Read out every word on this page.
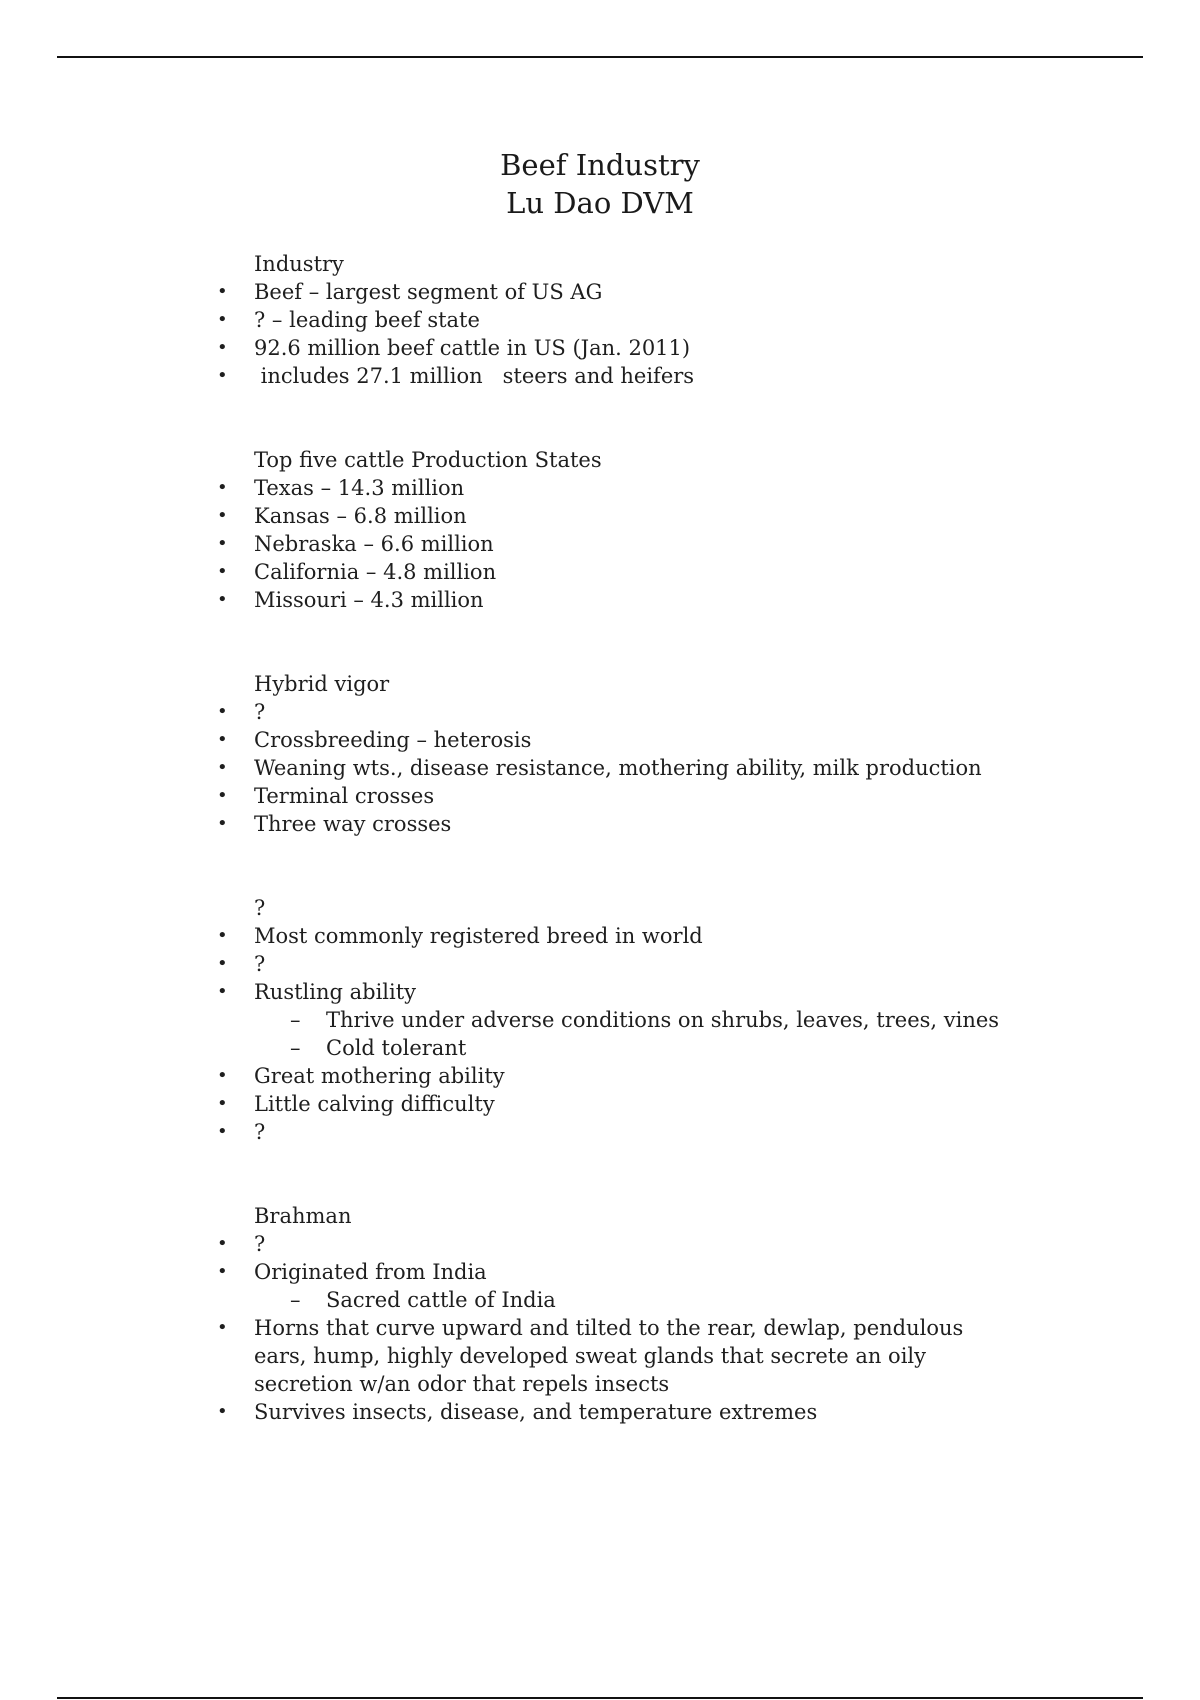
Beef Industry
Lu Dao DVM
Industry
• Beef – largest segment of US AG
• ? – leading beef state
• 92.6 million beef cattle in US (Jan. 2011)
• includes 27.1 million   steers and heifers
Top five cattle Production States
• Texas – 14.3 million
• Kansas – 6.8 million
• Nebraska – 6.6 million
• California – 4.8 million
• Missouri – 4.3 million
Hybrid vigor
• ?
• Crossbreeding – heterosis
• Weaning wts., disease resistance, mothering ability, milk production
• Terminal crosses
• Three way crosses
?
• Most commonly registered breed in world
• ?
• Rustling ability
– Thrive under adverse conditions on shrubs, leaves, trees, vines
– Cold tolerant
• Great mothering ability
• Little calving difficulty
• ?
Brahman
• ?
• Originated from India
– Sacred cattle of India
• Horns that curve upward and tilted to the rear, dewlap, pendulous ears, hump, highly developed sweat glands that secrete an oily secretion w/an odor that repels insects
• Survives insects, disease, and temperature extremes
